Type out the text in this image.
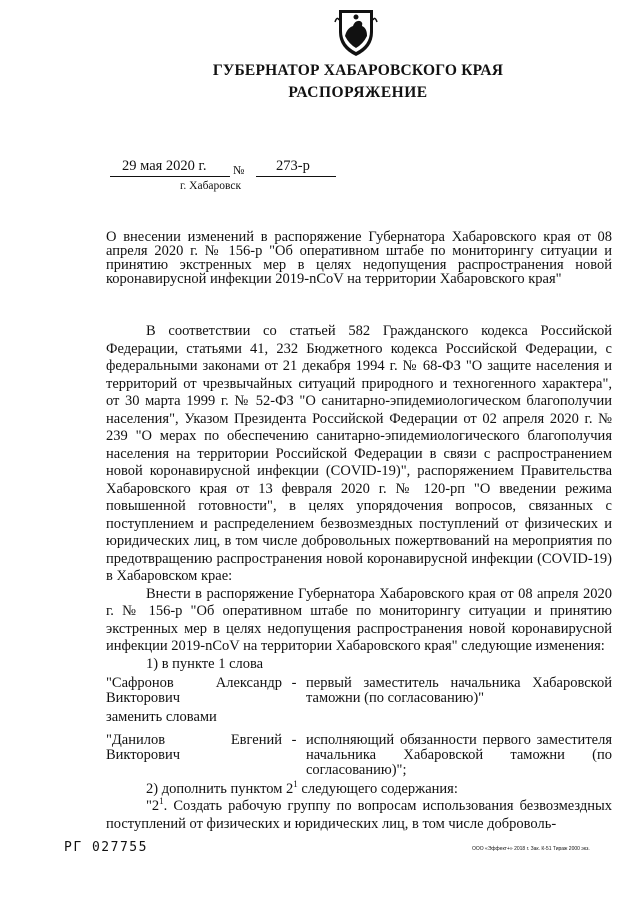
ГУБЕРНАТОР ХАБАРОВСКОГО КРАЯ
РАСПОРЯЖЕНИЕ
29 мая 2020 г. № 273-р
г. Хабаровск
О внесении изменений в распоряжение Губернатора Хабаровского края от 08 апреля 2020 г. № 156-р "Об оперативном штабе по мониторингу ситуации и принятию экстренных мер в целях недопущения распространения новой коронавирусной инфекции 2019-nCoV на территории Хабаровского края"

В соответствии со статьей 582 Гражданского кодекса Российской Федерации, статьями 41, 232 Бюджетного кодекса Российской Федерации, с федеральными законами от 21 декабря 1994 г. № 68-ФЗ "О защите населения и территорий от чрезвычайных ситуаций природного и техногенного характера", от 30 марта 1999 г. № 52-ФЗ "О санитарно-эпидемиологическом благополучии населения", Указом Президента Российской Федерации от 02 апреля 2020 г. № 239 "О мерах по обеспечению санитарно-эпидемиологического благополучия населения на территории Российской Федерации в связи с распространением новой коронавирусной инфекции (COVID-19)", распоряжением Правительства Хабаровского края от 13 февраля 2020 г. № 120-рп "О введении режима повышенной готовности", в целях упорядочения вопросов, связанных с поступлением и распределением безвозмездных поступлений от физических и юридических лиц, в том числе добровольных пожертвований на мероприятия по предотвращению распространения новой коронавирусной инфекции (COVID-19) в Хабаровском крае:

Внести в распоряжение Губернатора Хабаровского края от 08 апреля 2020 г. № 156-р "Об оперативном штабе по мониторингу ситуации и принятию экстренных мер в целях недопущения распространения новой коронавирусной инфекции 2019-nCoV на территории Хабаровского края" следующие изменения:

1) в пункте 1 слова

"Сафронов Александр Викторович
- первый заместитель начальника Хабаровской таможни (по согласованию)"
заменить словами
"Данилов Евгений Викторович
- исполняющий обязанности первого заместителя начальника Хабаровской таможни (по согласованию)";

2) дополнить пунктом $2^1$ следующего содержания:

"$2^1$. Создать рабочую группу по вопросам использования безвозмездных поступлений от физических и юридических лиц, в том числе доброволь-

РГ 027755	ООО «Эффект+» 2018 г. Зак. К-51 Тираж 2000 экз.
